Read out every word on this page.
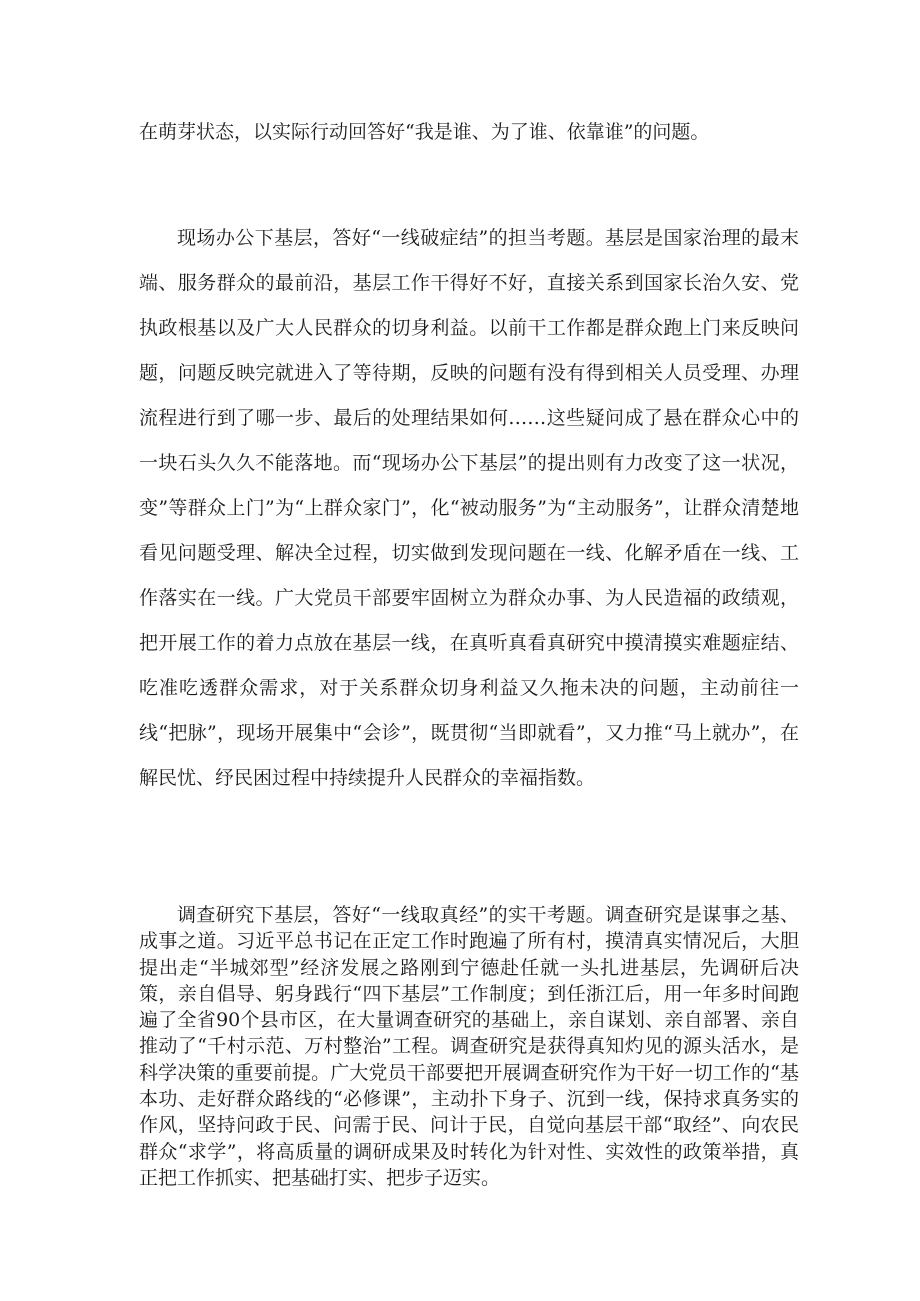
在萌芽状态，以实际行动回答好“我是谁、为了谁、依靠谁”的问题。

现场办公下基层，答好“一线破症结”的担当考题。基层是国家治理的最末端、服务群众的最前沿，基层工作干得好不好，直接关系到国家长治久安、党执政根基以及广大人民群众的切身利益。以前干工作都是群众跑上门来反映问题，问题反映完就进入了等待期，反映的问题有没有得到相关人员受理、办理流程进行到了哪一步、最后的处理结果如何……这些疑问成了悬在群众心中的一块石头久久不能落地。而“现场办公下基层”的提出则有力改变了这一状况，变”等群众上门”为“上群众家门”，化“被动服务”为“主动服务”，让群众清楚地看见问题受理、解决全过程，切实做到发现问题在一线、化解矛盾在一线、工作落实在一线。广大党员干部要牢固树立为群众办事、为人民造福的政绩观，把开展工作的着力点放在基层一线，在真听真看真研究中摸清摸实难题症结、吃准吃透群众需求，对于关系群众切身利益又久拖未决的问题，主动前往一线“把脉”，现场开展集中“会诊”，既贯彻“当即就看”，又力推“马上就办”，在解民忧、纾民困过程中持续提升人民群众的幸福指数。

调查研究下基层，答好“一线取真经”的实干考题。调查研究是谋事之基、成事之道。习近平总书记在正定工作时跑遍了所有村，摸清真实情况后，大胆提出走“半城郊型”经济发展之路刚到宁德赴任就一头扎进基层，先调研后决策，亲自倡导、躬身践行“四下基层”工作制度；到任浙江后，用一年多时间跑遍了全省90个县市区，在大量调查研究的基础上，亲自谋划、亲自部署、亲自推动了“千村示范、万村整治”工程。调查研究是获得真知灼见的源头活水，是科学决策的重要前提。广大党员干部要把开展调查研究作为干好一切工作的“基本功、走好群众路线的“必修课”，主动扑下身子、沉到一线，保持求真务实的作风，坚持问政于民、问需于民、问计于民，自觉向基层干部“取经”、向农民群众“求学”，将高质量的调研成果及时转化为针对性、实效性的政策举措，真正把工作抓实、把基础打实、把步子迈实。
